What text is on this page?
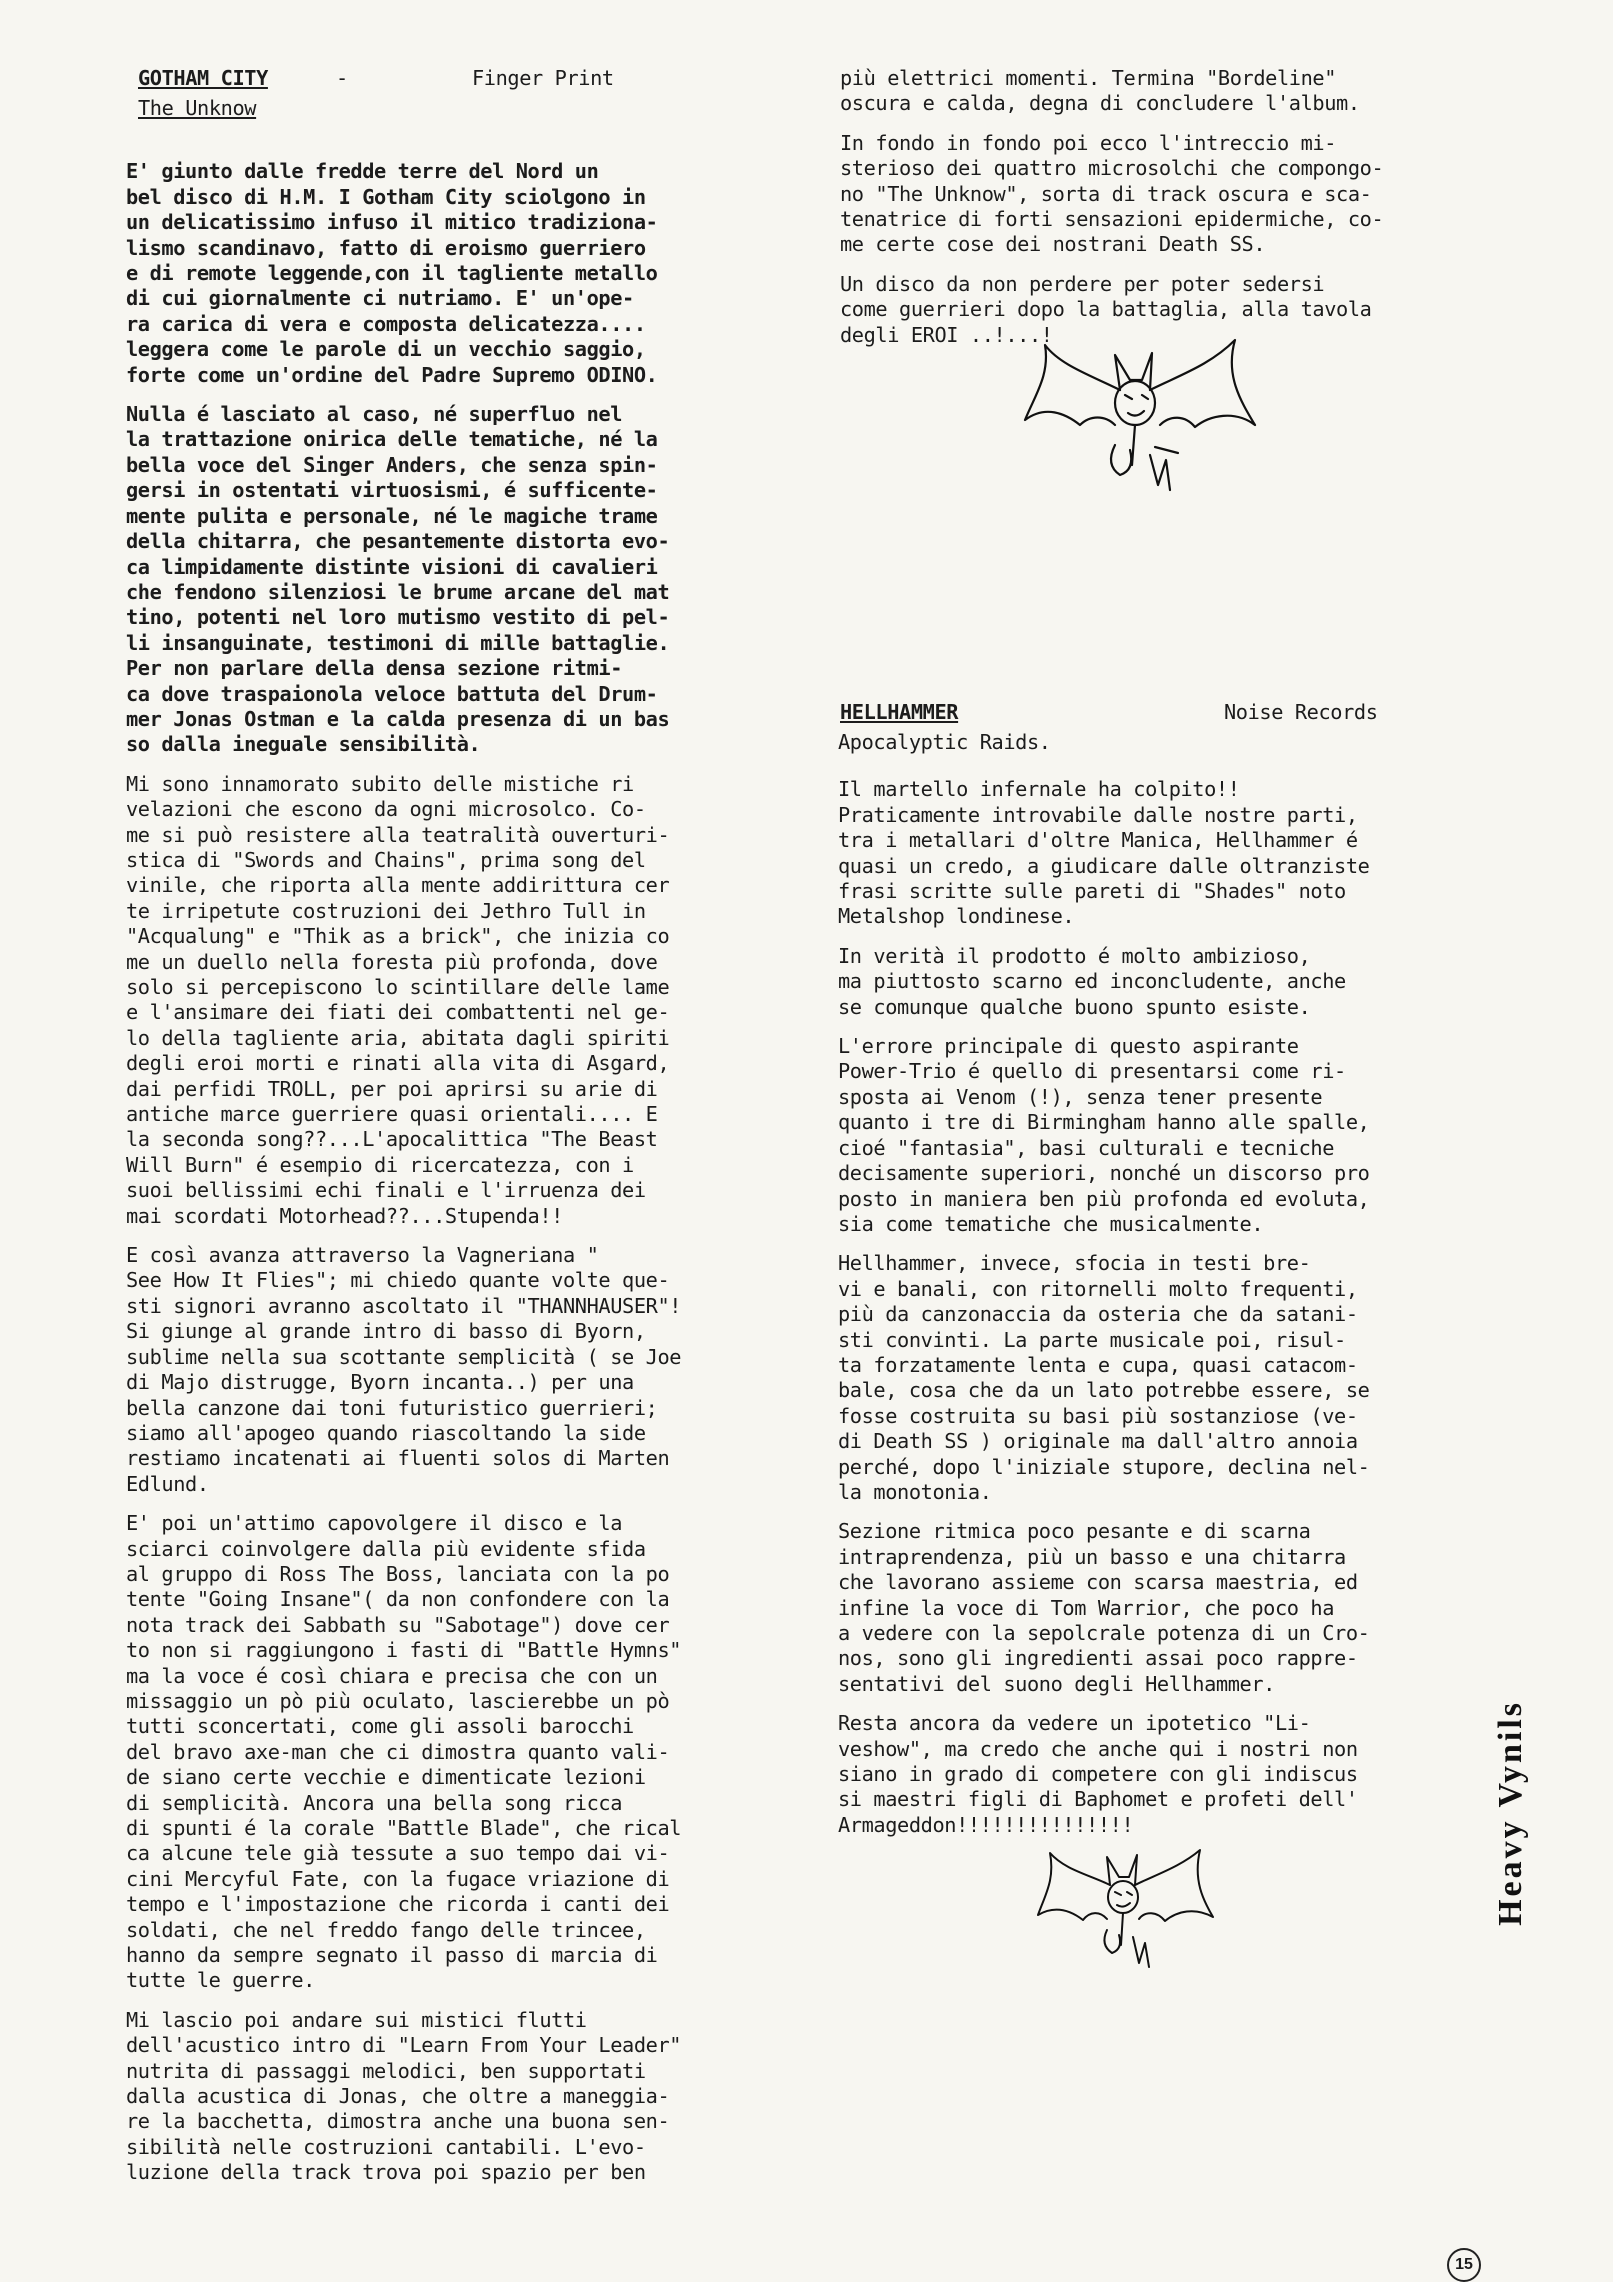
GOTHAM CITY	-	Finger Print
The Unknow

E' giunto dalle fredde terre del Nord un
bel disco di H.M. I Gotham City sciolgono in
un delicatissimo infuso il mitico tradiziona-
lismo scandinavo, fatto di eroismo guerriero
e di remote leggende,con il tagliente metallo
di cui giornalmente ci nutriamo. E' un'ope-
ra carica di vera e composta delicatezza....
leggera come le parole di un vecchio saggio,
forte come un'ordine del Padre Supremo ODINO.

Nulla é lasciato al caso, né superfluo nel
la trattazione onirica delle tematiche, né la
bella voce del Singer Anders, che senza spin-
gersi in ostentati virtuosismi, é sufficente-
mente pulita e personale, né le magiche trame
della chitarra, che pesantemente distorta evo-
ca limpidamente distinte visioni di cavalieri
che fendono silenziosi le brume arcane del mat
tino, potenti nel loro mutismo vestito di pel-
li insanguinate, testimoni di mille battaglie.
Per non parlare della densa sezione ritmi-
ca dove traspaionola veloce battuta del Drum-
mer Jonas Ostman e la calda presenza di un bas
so dalla ineguale sensibilità.

Mi sono innamorato subito delle mistiche ri
velazioni che escono da ogni microsolco. Co-
me si può resistere alla teatralità ouverturi-
stica di "Swords and Chains", prima song del
vinile, che riporta alla mente addirittura cer
te irripetute costruzioni dei Jethro Tull in
"Acqualung" e "Thik as a brick", che inizia co
me un duello nella foresta più profonda, dove
solo si percepiscono lo scintillare delle lame
e l'ansimare dei fiati dei combattenti nel ge-
lo della tagliente aria, abitata dagli spiriti
degli eroi morti e rinati alla vita di Asgard,
dai perfidi TROLL, per poi aprirsi su arie di
antiche marce guerriere quasi orientali.... E
la seconda song??...L'apocalittica "The Beast
Will Burn" é esempio di ricercatezza, con i
suoi bellissimi echi finali e l'irruenza dei
mai scordati Motorhead??...Stupenda!!

E così avanza attraverso la Vagneriana "
See How It Flies"; mi chiedo quante volte que-
sti signori avranno ascoltato il "THANNHAUSER"!
Si giunge al grande intro di basso di Byorn,
sublime nella sua scottante semplicità ( se Joe
di Majo distrugge, Byorn incanta..) per una
bella canzone dai toni futuristico guerrieri;
siamo all'apogeo quando riascoltando la side
restiamo incatenati ai fluenti solos di Marten
Edlund.

E' poi un'attimo capovolgere il disco e la
sciarci coinvolgere dalla più evidente sfida
al gruppo di Ross The Boss, lanciata con la po
tente "Going Insane"( da non confondere con la
nota track dei Sabbath su "Sabotage") dove cer
to non si raggiungono i fasti di "Battle Hymns"
ma la voce é così chiara e precisa che con un
missaggio un pò più oculato, lascierebbe un pò
tutti sconcertati, come gli assoli barocchi
del bravo axe-man che ci dimostra quanto vali-
de siano certe vecchie e dimenticate lezioni
di semplicità. Ancora una bella song ricca
di spunti é la corale "Battle Blade", che rical
ca alcune tele già tessute a suo tempo dai vi-
cini Mercyful Fate, con la fugace vriazione di
tempo e l'impostazione che ricorda i canti dei
soldati, che nel freddo fango delle trincee,
hanno da sempre segnato il passo di marcia di
tutte le guerre.

Mi lascio poi andare sui mistici flutti
dell'acustico intro di "Learn From Your Leader"
nutrita di passaggi melodici, ben supportati
dalla acustica di Jonas, che oltre a maneggia-
re la bacchetta, dimostra anche una buona sen-
sibilità nelle costruzioni cantabili. L'evo-
luzione della track trova poi spazio per ben

più elettrici momenti. Termina "Bordeline"
oscura e calda, degna di concludere l'album.

In fondo in fondo poi ecco l'intreccio mi-
sterioso dei quattro microsolchi che compongo-
no "The Unknow", sorta di track oscura e sca-
tenatrice di forti sensazioni epidermiche, co-
me certe cose dei nostrani Death SS.

Un disco da non perdere per poter sedersi
come guerrieri dopo la battaglia, alla tavola
degli EROI ..!...!

HELLHAMMER	Noise Records
Apocalyptic Raids.

Il martello infernale ha colpito!!
Praticamente introvabile dalle nostre parti,
tra i metallari d'oltre Manica, Hellhammer é
quasi un credo, a giudicare dalle oltranziste
frasi scritte sulle pareti di "Shades" noto
Metalshop londinese.

In verità il prodotto é molto ambizioso,
ma piuttosto scarno ed inconcludente, anche
se comunque qualche buono spunto esiste.

L'errore principale di questo aspirante
Power-Trio é quello di presentarsi come ri-
sposta ai Venom (!), senza tener presente
quanto i tre di Birmingham hanno alle spalle,
cioé "fantasia", basi culturali e tecniche
decisamente superiori, nonché un discorso pro
posto in maniera ben più profonda ed evoluta,
sia come tematiche che musicalmente.

Hellhammer, invece, sfocia in testi bre-
vi e banali, con ritornelli molto frequenti,
più da canzonaccia da osteria che da satani-
sti convinti. La parte musicale poi, risul-
ta forzatamente lenta e cupa, quasi catacom-
bale, cosa che da un lato potrebbe essere, se
fosse costruita su basi più sostanziose (ve-
di Death SS ) originale ma dall'altro annoia
perché, dopo l'iniziale stupore, declina nel-
la monotonia.

Sezione ritmica poco pesante e di scarna
intraprendenza, più un basso e una chitarra
che lavorano assieme con scarsa maestria, ed
infine la voce di Tom Warrior, che poco ha
a vedere con la sepolcrale potenza di un Cro-
nos, sono gli ingredienti assai poco rappre-
sentativi del suono degli Hellhammer.

Resta ancora da vedere un ipotetico "Li-
veshow", ma credo che anche qui i nostri non
siano in grado di competere con gli indiscus
si maestri figli di Baphomet e profeti dell'
Armageddon!!!!!!!!!!!!!!!	Heavy Vynils
15
